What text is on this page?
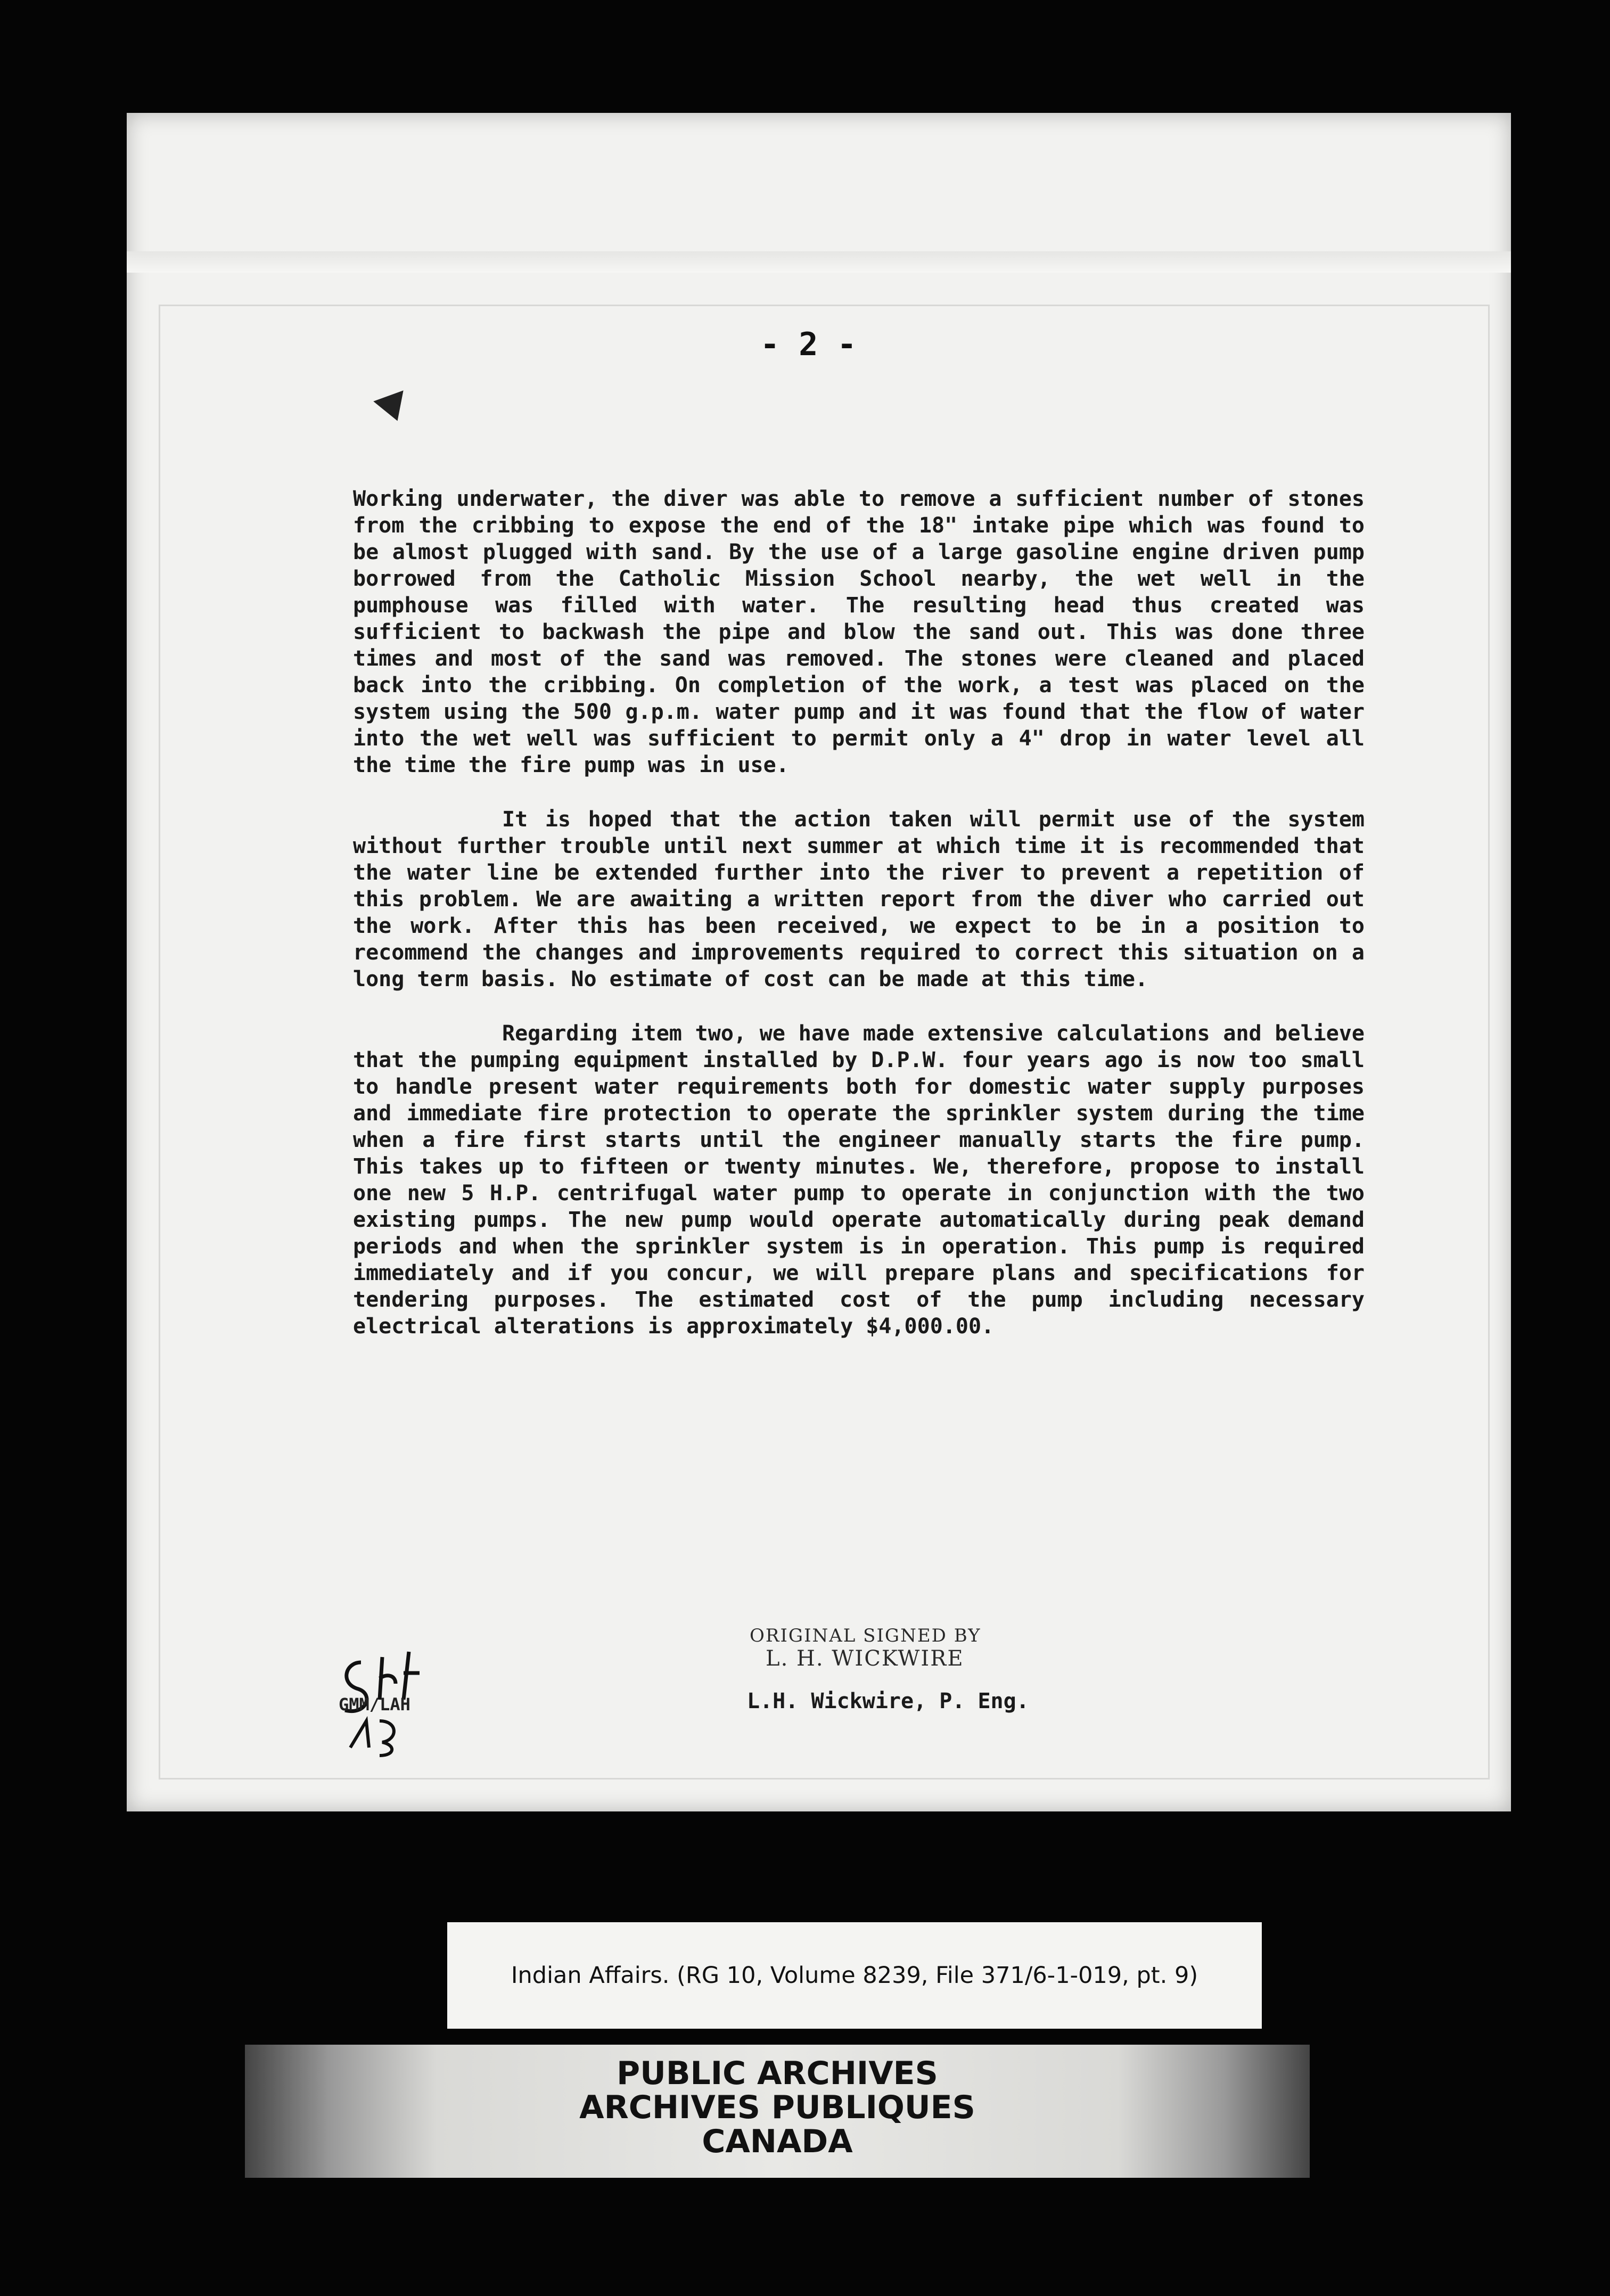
- 2 -

Working underwater, the diver was able to remove a sufficient number of stones from the cribbing to expose the end of the 18" intake pipe which was found to be almost plugged with sand. By the use of a large gasoline engine driven pump borrowed from the Catholic Mission School nearby, the wet well in the pumphouse was filled with water. The resulting head thus created was sufficient to backwash the pipe and blow the sand out. This was done three times and most of the sand was removed. The stones were cleaned and placed back into the cribbing. On completion of the work, a test was placed on the system using the 500 g.p.m. water pump and it was found that the flow of water into the wet well was sufficient to permit only a 4" drop in water level all the time the fire pump was in use.

It is hoped that the action taken will permit use of the system without further trouble until next summer at which time it is recommended that the water line be extended further into the river to prevent a repetition of this problem. We are awaiting a written report from the diver who carried out the work. After this has been received, we expect to be in a position to recommend the changes and improvements required to correct this situation on a long term basis. No estimate of cost can be made at this time.

Regarding item two, we have made extensive calculations and believe that the pumping equipment installed by D.P.W. four years ago is now too small to handle present water requirements both for domestic water supply purposes and immediate fire protection to operate the sprinkler system during the time when a fire first starts until the engineer manually starts the fire pump. This takes up to fifteen or twenty minutes. We, therefore, propose to install one new 5 H.P. centrifugal water pump to operate in conjunction with the two existing pumps. The new pump would operate automatically during peak demand periods and when the sprinkler system is in operation. This pump is required immediately and if you concur, we will prepare plans and specifications for tendering purposes. The estimated cost of the pump including necessary electrical alterations is approximately $4,000.00.

ORIGINAL SIGNED BY
L. H. WICKWIRE
L.H. Wickwire, P. Eng.
GMM/LAH
Indian Affairs. (RG 10, Volume 8239, File 371/6-1-019, pt. 9)
PUBLIC ARCHIVES
ARCHIVES PUBLIQUES
CANADA
